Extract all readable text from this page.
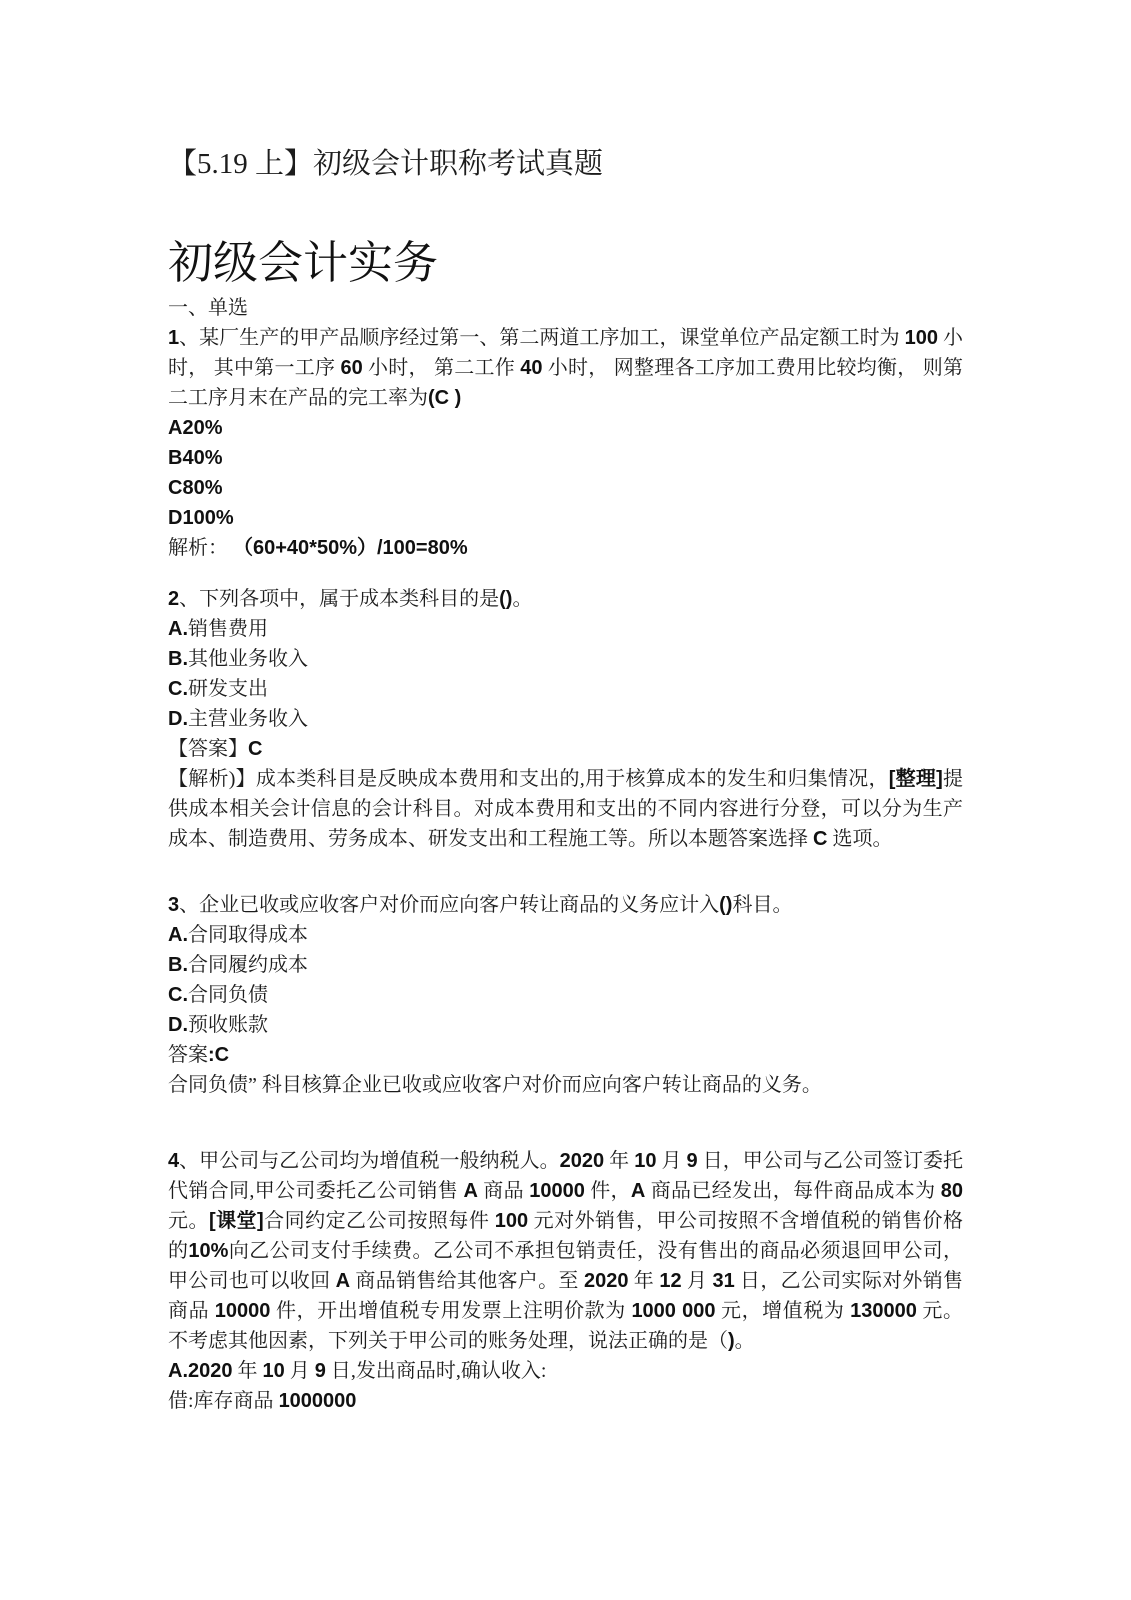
【5.19 上】初级会计职称考试真题
初级会计实务

一、单选

1、某厂生产的甲产品顺序经过第一、第二两道工序加工，课堂单位产品定额工时为 100 小时， 其中第一工序 60 小时， 第二工作 40 小时， 网整理各工序加工费用比较均衡， 则第二工序月末在产品的完工率为(C )

A20%

B40%

C80%

D100%

解析： （60+40*50%）/100=80%

2、下列各项中，属于成本类科目的是()。

A.销售费用

B.其他业务收入

C.研发支出

D.主营业务收入

【答案】C

【解析)】成本类科目是反映成本费用和支出的,用于核算成本的发生和归集情况，[整理]提供成本相关会计信息的会计科目。对成本费用和支出的不同内容进行分登，可以分为生产成本、制造费用、劳务成本、研发支出和工程施工等。所以本题答案选择 C 选项。

3、企业已收或应收客户对价而应向客户转让商品的义务应计入()科目。

A.合同取得成本

B.合同履约成本

C.合同负债

D.预收账款

答案:C

合同负债” 科目核算企业已收或应收客户对价而应向客户转让商品的义务。

4、甲公司与乙公司均为增值税一般纳税人。2020 年 10 月 9 日，甲公司与乙公司签订委托代销合同,甲公司委托乙公司销售 A 商品 10000 件，A 商品已经发出，每件商品成本为 80 元。[课堂]合同约定乙公司按照每件 100 元对外销售，甲公司按照不含增值税的销售价格的10%向乙公司支付手续费。乙公司不承担包销责任，没有售出的商品必须退回甲公司，甲公司也可以收回 A 商品销售给其他客户。至 2020 年 12 月 31 日，乙公司实际对外销售商品 10000 件，开出增值税专用发票上注明价款为 1000 000 元，增值税为 130000 元。不考虑其他因素，下列关于甲公司的账务处理，说法正确的是（)。

A.2020 年 10 月 9 日,发出商品时,确认收入:

借:库存商品 1000000
